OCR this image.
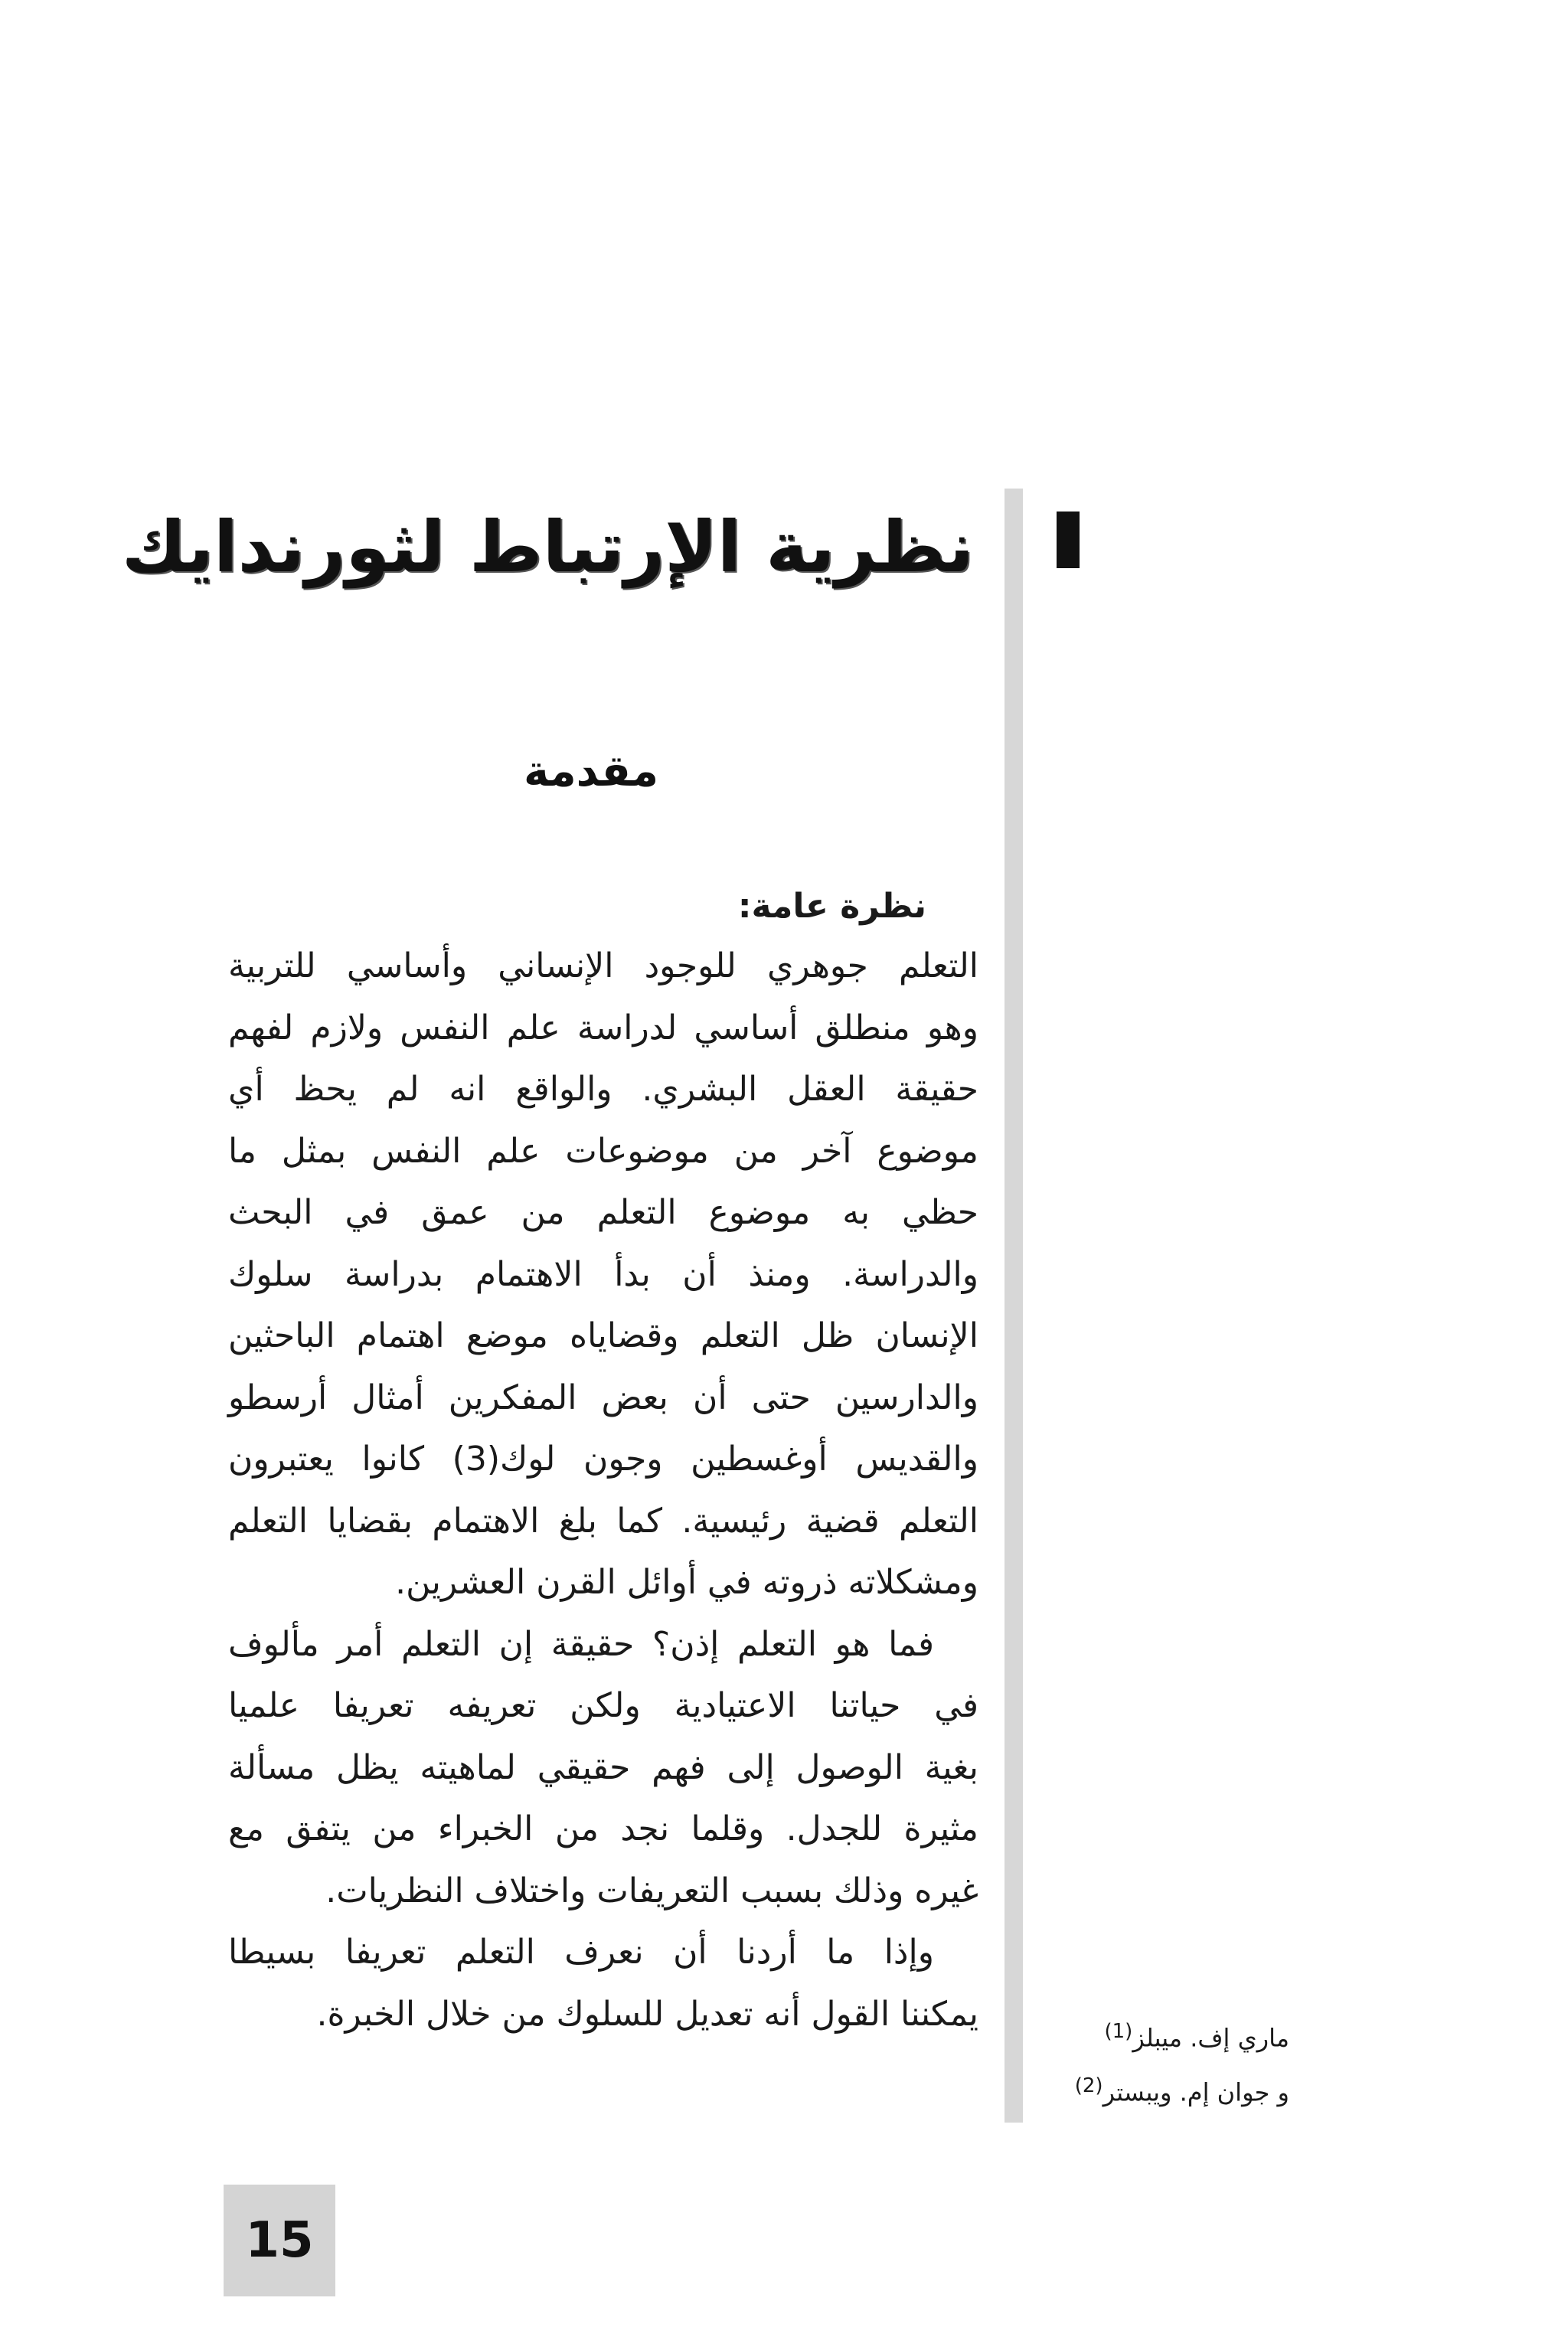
نظرية الإرتباط لثورندايك
مقدمة
نظرة عامة:
التعلم جوهري للوجود الإنساني وأساسي للتربية
وهو منطلق أساسي لدراسة علم النفس ولازم لفهم
حقيقة العقل البشري. والواقع انه لم يحظ أي
موضوع آخر من موضوعات علم النفس بمثل ما
حظي به موضوع التعلم من عمق في البحث
والدراسة. ومنذ أن بدأ الاهتمام بدراسة سلوك
الإنسان ظل التعلم وقضاياه موضع اهتمام الباحثين
والدارسين حتى أن بعض المفكرين أمثال أرسطو
والقديس أوغسطين وجون لوك(3) كانوا يعتبرون
التعلم قضية رئيسية. كما بلغ الاهتمام بقضايا التعلم
ومشكلاته ذروته في أوائل القرن العشرين.
فما هو التعلم إذن؟ حقيقة إن التعلم أمر مألوف
في حياتنا الاعتيادية ولكن تعريفه تعريفا علميا
بغية الوصول إلى فهم حقيقي لماهيته يظل مسألة
مثيرة للجدل. وقلما نجد من الخبراء من يتفق مع
غيره وذلك بسبب التعريفات واختلاف النظريات.
وإذا ما أردنا أن نعرف التعلم تعريفا بسيطا
يمكننا القول أنه تعديل للسلوك من خلال الخبرة.
ماري إف. ميبلز$^{(1)}$
و جوان إم. ويبستر$^{(2)}$
15
